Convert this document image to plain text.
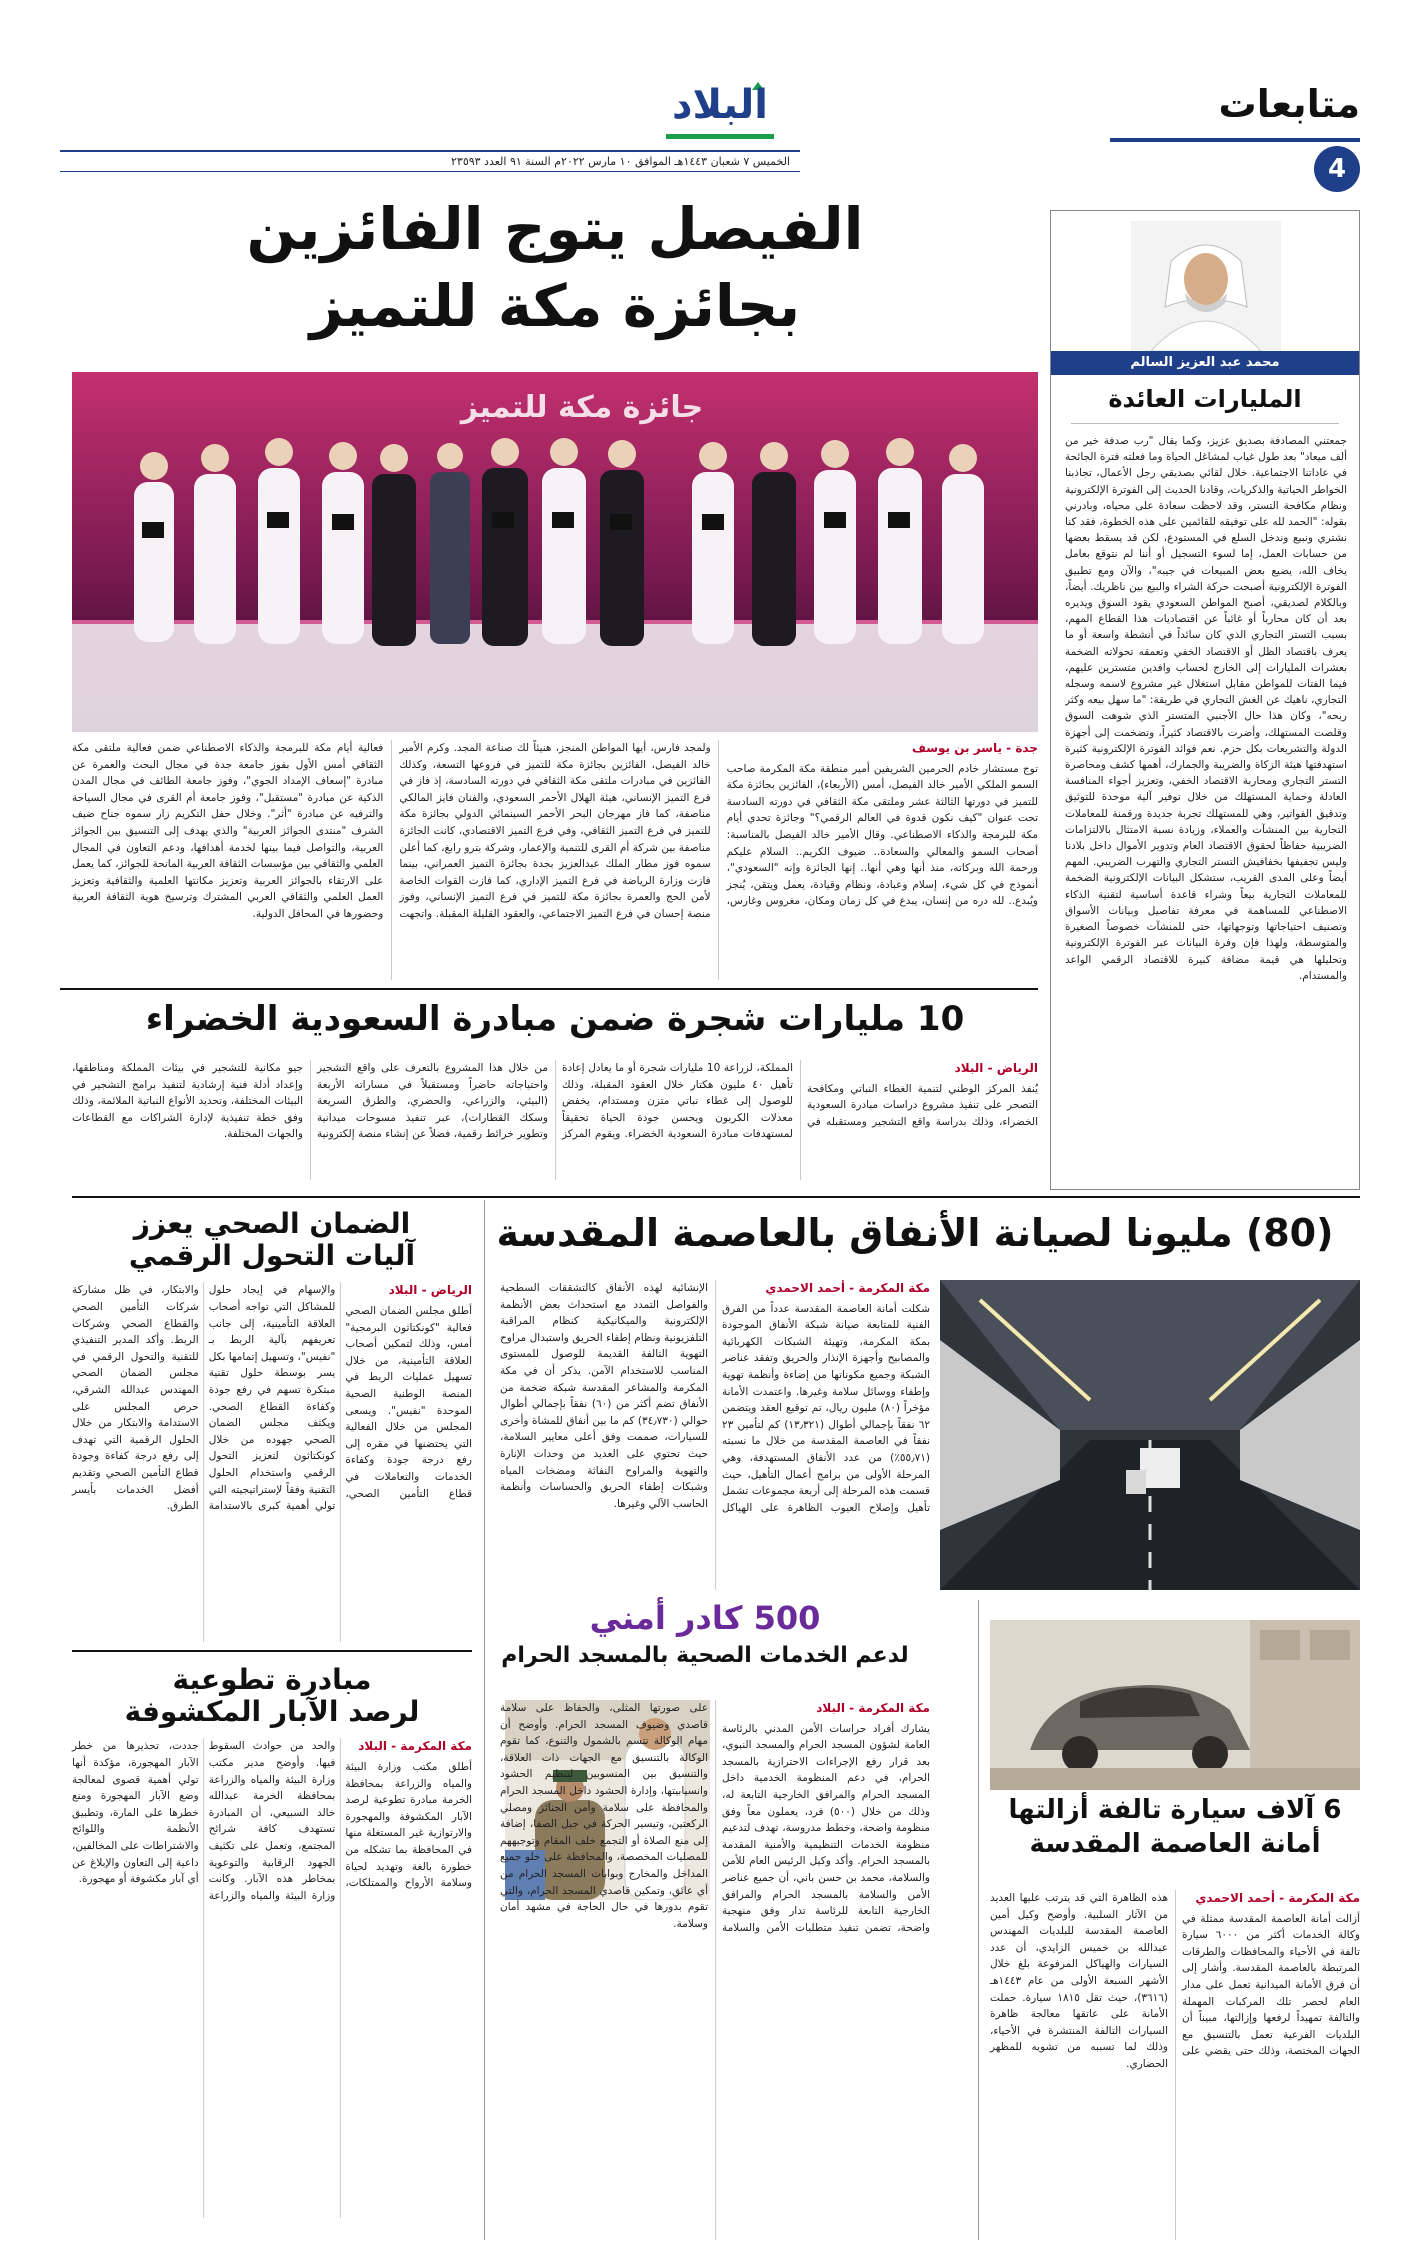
متابعات
4
البلاد
الخميس ٧ شعبان ١٤٤٣هـ الموافق ١٠ مارس ٢٠٢٢م السنة ٩١ العدد ٢٣٥٩٣
الفيصل يتوج الفائزين
بجائزة مكة للتميز
جائزة مكة للتميز
جدة - ياسر بن يوسف
توج مستشار خادم الحرمين الشريفين أمير منطقة مكة المكرمة صاحب السمو الملكي الأمير خالد الفيصل، أمس (الأربعاء)، الفائزين بجائزة مكة للتميز في دورتها الثالثة عشر وملتقى مكة الثقافي في دورته السادسة تحت عنوان "كيف نكون قدوة في العالم الرقمي؟" وجائزة تحدي أيام مكة للبرمجة والذكاء الاصطناعي. وقال الأمير خالد الفيصل بالمناسبة: أصحاب السمو والمعالي والسعادة.. ضيوف الكريم.. السلام عليكم ورحمة الله وبركاته، منذ أنها وهي أنها.. إنها الجائزة وإنه "السعودي"، أنموذج في كل شيء، إسلام وعبادة، ونظام وقيادة، يعمل ويتقن، يُنجز ويُبدع.. لله دره من إنسان، يبدع في كل زمان ومكان، مغروس وغارس، ولمجد فارس، أيها المواطن المنجز، هنيئاً لك صناعة المجد. وكرم الأمير خالد الفيصل، الفائزين بجائزة مكة للتميز في فروعها التسعة، وكذلك الفائزين في مبادرات ملتقى مكة الثقافي في دورته السادسة، إذ فاز في فرع التميز الإنساني، هيئة الهلال الأحمر السعودي، والفنان فايز المالكي مناصفة، كما فاز مهرجان البحر الأحمر السينمائي الدولي بجائزة مكة للتميز في فرع التميز الثقافي، وفي فرع التميز الاقتصادي، كانت الجائزة مناصفة بين شركة أم القرى للتنمية والإعمار، وشركة بترو رابغ، كما أعلن سموه فوز مطار الملك عبدالعزيز بجدة بجائزة التميز العمراني، بينما فازت وزارة الرياضة في فرع التميز الإداري، كما فازت القوات الخاصة لأمن الحج والعمرة بجائزة مكة للتميز في فرع التميز الإنساني، وفوز منصة إحسان في فرع التميز الاجتماعي، والعقود القليلة المقبلة. واتجهت فعالية أيام مكة للبرمجة والذكاء الاصطناعي ضمن فعالية ملتقى مكة الثقافي أمس الأول بفوز جامعة جدة في مجال البحث والعمرة عن مبادرة "إسعاف الإمداد الجوي"، وفوز جامعة الطائف في مجال المدن الذكية عن مبادرة "مستقبل"، وفوز جامعة أم القرى في مجال السياحة والترفيه عن مبادرة "أثر". وخلال حفل التكريم زار سموه جناح ضيف الشرف "منتدى الجوائز العربية" والذي يهدف إلى التنسيق بين الجوائز العربية، والتواصل فيما بينها لخدمة أهدافها، ودعم التعاون في المجال العلمي والثقافي بين مؤسسات الثقافة العربية المانحة للجوائز، كما يعمل على الارتقاء بالجوائز العربية وتعزيز مكانتها العلمية والثقافية وتعزيز العمل العلمي والثقافي العربي المشترك وترسيخ هوية الثقافة العربية وحضورها في المحافل الدولية.
محمد عبد العزيز السالم
المليارات العائدة
جمعتني المصادفة بصديق عزيز، وكما يقال "رب صدفة خير من ألف ميعاد" بعد طول غياب لمشاغل الحياة وما فعلته فترة الجائحة في عاداتنا الاجتماعية. خلال لقائي بصديقي رجل الأعمال، تجاذبنا الخواطر الحياتية والذكريات، وقادنا الحديث إلى الفوترة الإلكترونية ونظام مكافحة التستر، وقد لاحظت سعادة على محياه، وبادرني بقوله: "الحمد لله على توفيقه للقائمين على هذه الخطوة، فقد كنا نشتري ونبيع وندخل السلع في المستودع، لكن قد يسقط بعضها من حسابات العمل، إما لسوء التسجيل أو أننا لم نتوقع بعامل يخاف الله، يضيع بعض المبيعات في جيبه"، والآن ومع تطبيق الفوترة الإلكترونية أصبحت حركة الشراء والبيع بين ناظريك. أيضاً، وبالكلام لصديقي، أصبح المواطن السعودي يقود السوق ويديره بعد أن كان محارباً أو غائباً عن اقتصاديات هذا القطاع المهم، بسبب التستر التجاري الذي كان سائداً في أنشطة واسعة أو ما يعرف باقتصاد الظل أو الاقتصاد الخفي وتعمقه تحولاته الضخمة بعشرات المليارات إلى الخارج لحساب وافدين متسترين عليهم، فيما الفتات للمواطن مقابل استغلال غير مشروع لاسمه وسجله التجاري، ناهيك عن الغش التجاري في طريقة: "ما سهل بيعه وكثر ربحه"، وكان هذا حال الأجنبي المتستر الذي شوهت السوق وقلصت المستهلك، وأضرت بالاقتصاد كثيراً، وتضخمت إلى أجهزة الدولة والتشريعات بكل حزم. نعم فوائد الفوترة الإلكترونية كثيرة استهدفتها هيئة الزكاة والضريبة والجمارك، أهمها كشف ومحاصرة التستر التجاري ومحاربة الاقتصاد الخفي، وتعزيز أجواء المنافسة العادلة وحماية المستهلك من خلال توفير آلية موحدة للتوثيق وتدقيق الفواتير، وهي للمستهلك تجربة جديدة ورقمنة للمعاملات التجارية بين المنشآت والعملاء، وزيادة نسبة الامتثال بالالتزامات الضريبية حفاظاً لحقوق الاقتصاد العام وتدوير الأموال داخل بلادنا وليس تجفيفها بخفافيش التستر التجاري والتهرب الضريبي. المهم أيضاً وعلى المدى القريب، ستشكل البيانات الإلكترونية الضخمة للمعاملات التجارية بيعاً وشراء قاعدة أساسية لتقنية الذكاء الاصطناعي للمساهمة في معرفة تفاصيل وبيانات الأسواق وتصنيف احتياجاتها وتوجهاتها، حتى للمنشآت خصوصاً الصغيرة والمتوسطة، ولهذا فإن وفرة البيانات عبر الفوترة الإلكترونية وتحليلها هي قيمة مضافة كبيرة للاقتصاد الرقمي الواعد والمستدام.
10 مليارات شجرة ضمن مبادرة السعودية الخضراء
الرياض - البلاد
يُنفذ المركز الوطني لتنمية الغطاء النباتي ومكافحة التصحر على تنفيذ مشروع دراسات مبادرة السعودية الخضراء، وذلك بدراسة واقع التشجير ومستقبله في المملكة، لزراعة 10 مليارات شجرة أو ما يعادل إعادة تأهيل ٤٠ مليون هكتار خلال العقود المقبلة، وذلك للوصول إلى غطاء نباتي متزن ومستدام، يخفض معدلات الكربون ويحسن جودة الحياة تحقيقاً لمستهدفات مبادرة السعودية الخضراء. ويقوم المركز من خلال هذا المشروع بالتعرف على واقع التشجير واحتياجاته حاضراً ومستقبلاً في مساراته الأربعة (البيئي، والزراعي، والحضري، والطرق السريعة وسكك القطارات)، عبر تنفيذ مسوحات ميدانية وتطوير خرائط رقمية، فضلاً عن إنشاء منصة إلكترونية جيو مكانية للتشجير في بيئات المملكة ومناطقها، وإعداد أدلة فنية إرشادية لتنفيذ برامج التشجير في البيئات المختلفة، وتحديد الأنواع النباتية الملائمة، وذلك وفق خطة تنفيذية لإدارة الشراكات مع القطاعات والجهات المختلفة.
(80) مليونا لصيانة الأنفاق بالعاصمة المقدسة
مكة المكرمة - أحمد الاحمدي
شكلت أمانة العاصمة المقدسة عدداً من الفرق الفنية للمتابعة صيانة شبكة الأنفاق الموجودة بمكة المكرمة، وتهيئة الشبكات الكهربائية والمصابيح وأجهزة الإنذار والحريق وتفقد عناصر الشبكة وجميع مكوناتها من إضاءة وأنظمة تهوية وإطفاء ووسائل سلامة وغيرها. واعتمدت الأمانة مؤخراً (٨٠) مليون ريال، تم توقيع العقد ويتضمن ٦٢ نفقاً بإجمالي أطوال (١٣٫٣٢١) كم لتأمين ٢٣ نفقاً في العاصمة المقدسة من خلال ما نسبته (٥٥٫٧١٪) من عدد الأنفاق المستهدفة، وهي المرحلة الأولى من برامج أعمال التأهيل، حيث قسمت هذه المرحلة إلى أربعة مجموعات تشمل تأهيل وإصلاح العيوب الظاهرة على الهياكل الإنشائية لهذه الأنفاق كالتشققات السطحية والفواصل التمدد مع استحداث بعض الأنظمة الإلكترونية والميكانيكية كنظام المراقبة التلفزيونية ونظام إطفاء الحريق واستبدال مراوح التهوية التالفة القديمة للوصول للمستوى المناسب للاستخدام الآمن. يذكر أن في مكة المكرمة والمشاعر المقدسة شبكة ضخمة من الأنفاق تضم أكثر من (٦٠) نفقاً بإجمالي أطوال حوالي (٣٤٫٧٣٠) كم ما بين أنفاق للمشاة وأخرى للسيارات، صممت وفق أعلى معايير السلامة، حيث تحتوي على العديد من وحدات الإنارة والتهوية والمراوح النفاثة ومضخات المياه وشبكات إطفاء الحريق والحساسات وأنظمة الحاسب الآلي وغيرها.
الضمان الصحي يعزز
آليات التحول الرقمي
الرياض - البلاد
أطلق مجلس الضمان الصحي فعالية "كونكتاثون البرمجية" أمس، وذلك لتمكين أصحاب العلاقة التأمينية، من خلال تسهيل عمليات الربط في المنصة الوطنية الصحية الموحدة "نفيس". ويسعى المجلس من خلال الفعالية التي يحتضنها في مقره إلى رفع درجة جودة وكفاءة الخدمات والتعاملات في قطاع التأمين الصحي، والإسهام في إيجاد حلول للمشاكل التي تواجه أصحاب العلاقة التأمينية، إلى جانب تعريفهم بآلية الربط بـ "نفيس"، وتسهيل إتمامها بكل يسر بوسطة حلول تقنية مبتكرة تسهم في رفع جودة وكفاءة القطاع الصحي. ويكثف مجلس الضمان الصحي جهوده من خلال كونكتاثون لتعزيز التحول الرقمي واستخدام الحلول التقنية وفقاً لإستراتيجيته التي تولي أهمية كبرى بالاستدامة والابتكار، في ظل مشاركة شركات التأمين الصحي والقطاع الصحي وشركات الربط. وأكد المدير التنفيذي للتقنية والتحول الرقمي في مجلس الضمان الصحي المهندس عبدالله الشرقي، حرص المجلس على الاستدامة والابتكار من خلال الحلول الرقمية التي تهدف إلى رفع درجة كفاءة وجودة قطاع التأمين الصحي وتقديم أفضل الخدمات بأيسر الطرق.
500 كادر أمني
لدعم الخدمات الصحية بالمسجد الحرام
مكة المكرمة - البلاد
يشارك أفراد حراسات الأمن المدني بالرئاسة العامة لشؤون المسجد الحرام والمسجد النبوي، بعد قرار رفع الإجراءات الاحترازية بالمسجد الحرام، في دعم المنظومة الخدمية داخل المسجد الحرام والمرافق الخارجية التابعة له، وذلك من خلال (٥٠٠) فرد، يعملون معاً وفق منظومة واضحة، وخطط مدروسة، تهدف لتدعيم منظومة الخدمات التنظيمية والأمنية المقدمة بالمسجد الحرام. وأكد وكيل الرئيس العام للأمن والسلامة، محمد بن حسن باني، أن جميع عناصر الأمن والسلامة بالمسجد الحرام والمرافق الخارجية التابعة للرئاسة تدار وفق منهجية واضحة، تضمن تنفيذ متطلبات الأمن والسلامة على صورتها المثلى، والحفاظ على سلامة قاصدي وضيوف المسجد الحرام. وأوضح أن مهام الوكالة تتسم بالشمول والتنوع، كما تقوم الوكالة بالتنسيق مع الجهات ذات العلاقة، والتنسيق بين المنسوبين لتنظيم الحشود وانسيابيتها، وإدارة الحشود داخل المسجد الحرام والمحافظة على سلامة وأمن الجنائز ومصلي الركعتين، وتيسير الحركة في جبل الصفا، إضافة إلى منع الصلاة أو التجمع خلف المقام وتوجيههم للمصليات المخصصة، والمحافظة على خلو جميع المداخل والمخارج وبوابات المسجد الحرام من أي عائق، وتمكين قاصدي المسجد الحرام، والتي تقوم بدورها في حال الحاجة في مشهد أمان وسلامة.
مبادرة تطوعية
لرصد الآبار المكشوفة
مكة المكرمة - البلاد
أطلق مكتب وزارة البيئة والمياه والزراعة بمحافظة الخرمة مبادرة تطوعية لرصد الآبار المكشوفة والمهجورة والارتوازية غير المستغلة منها في المحافظة بما تشكله من خطورة بالغة وتهديد لحياة وسلامة الأرواح والممتلكات، والحد من حوادث السقوط فيها. وأوضح مدير مكتب وزارة البيئة والمياه والزراعة بمحافظة الخرمة عبدالله خالد السبيعي، أن المبادرة تستهدف كافة شرائح المجتمع، وتعمل على تكثيف الجهود الرقابية والتوعوية بمخاطر هذه الآبار. وكانت وزارة البيئة والمياه والزراعة جددت، تحذيرها من خطر الآبار المهجورة، مؤكدة أنها تولي أهمية قصوى لمعالجة وضع الآبار المهجورة ومنع خطرها على المارة، وتطبيق الأنظمة واللوائح والاشتراطات على المخالفين، داعية إلى التعاون والإبلاغ عن أي آبار مكشوفة أو مهجورة.
6 آلاف سيارة تالفة أزالتها
أمانة العاصمة المقدسة
مكة المكرمة - أحمد الاحمدي
أزالت أمانة العاصمة المقدسة ممثلة في وكالة الخدمات أكثر من ٦٠٠٠ سيارة تالفة في الأحياء والمحافظات والطرقات المرتبطة بالعاصمة المقدسة. وأشار إلى أن فرق الأمانة الميدانية تعمل على مدار العام لحصر تلك المركبات المهملة والتالفة تمهيداً لرفعها وإزالتها، مبيناً أن البلديات الفرعية تعمل بالتنسيق مع الجهات المختصة، وذلك حتى يقضي على هذه الظاهرة التي قد يترتب عليها العديد من الآثار السلبية. وأوضح وكيل أمين العاصمة المقدسة للبلديات المهندس عبدالله بن خميس الزايدي، أن عدد السيارات والهياكل المرفوعة بلغ خلال الأشهر السبعة الأولى من عام ١٤٤٣هـ (٣٦١٦)، حيث تقل ١٨١٥ سيارة. حملت الأمانة على عاتقها معالجة ظاهرة السيارات التالفة المنتشرة في الأحياء، وذلك لما تسببه من تشويه للمظهر الحضاري.
